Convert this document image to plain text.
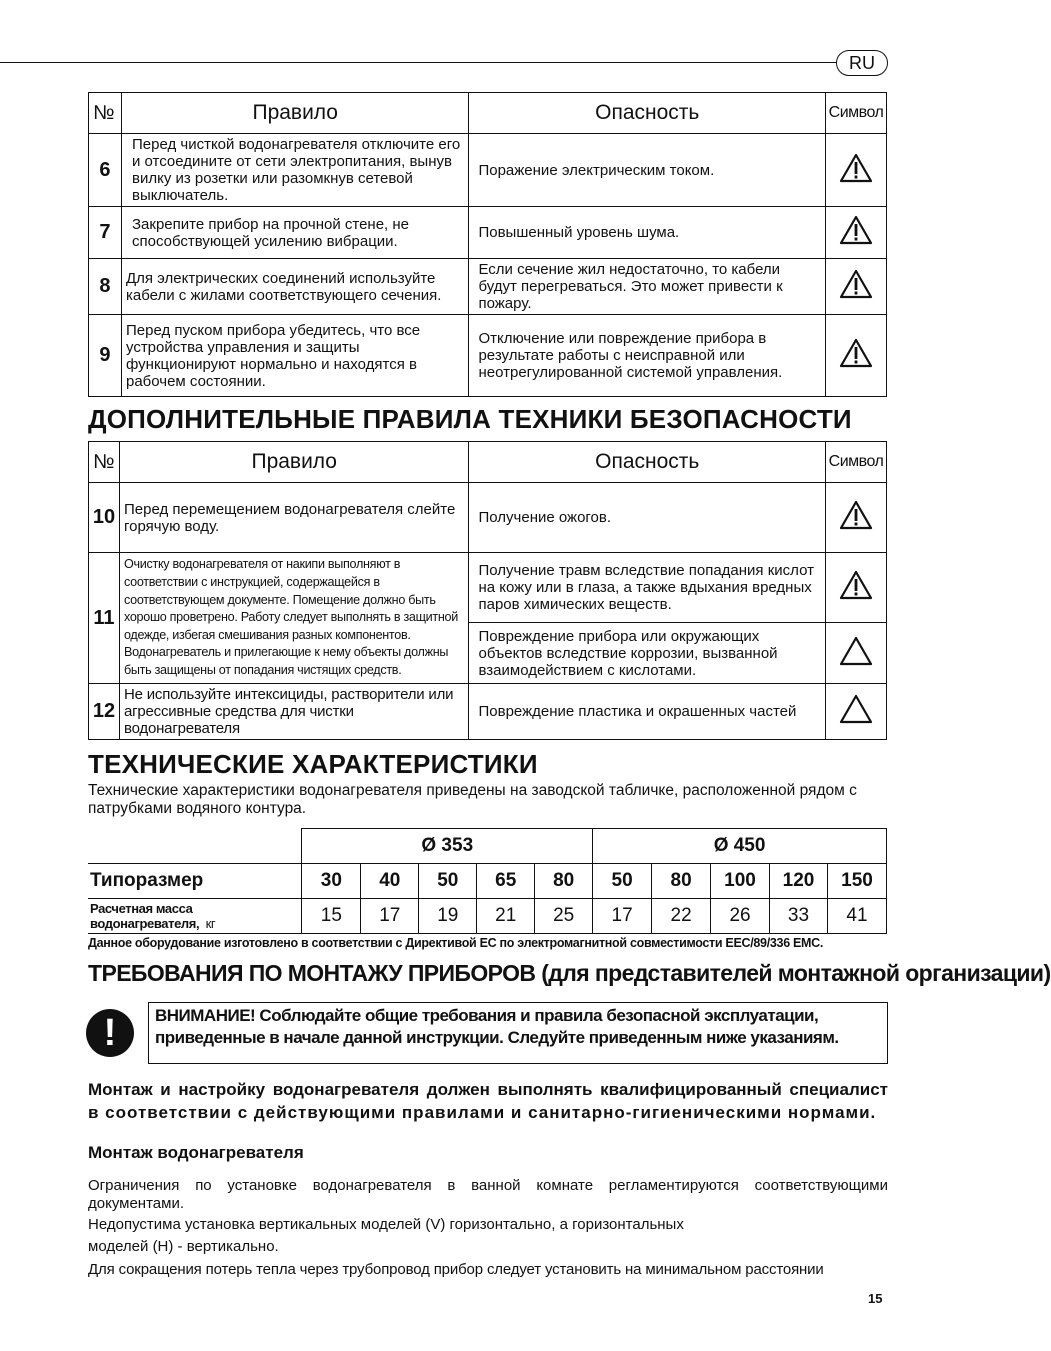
RU
№	Правило	Опасность	Символ
6	Перед чисткой водонагревателя отключите его и отсоедините от сети электропитания, вынув вилку из розетки или разомкнув сетевой выключатель.	Поражение электрическим током.	
7	Закрепите прибор на прочной стене, не способствующей усилению вибрации.	Повышенный уровень шума.	
8	Для электрических соединений используйте кабели с жилами соответствующего сечения.	Если сечение жил недостаточно, то кабели будут перегреваться. Это может привести к пожару.	
9	Перед пуском прибора убедитесь, что все устройства управления и защиты функционируют нормально и находятся в рабочем состоянии.	Отключение или повреждение прибора в результате работы с неисправной или неотрегулированной системой управления.	
ДОПОЛНИТЕЛЬНЫЕ ПРАВИЛА ТЕХНИКИ БЕЗОПАСНОСТИ
№	Правило	Опасность	Символ
10	Перед перемещением водонагревателя слейте горячую воду.	Получение ожогов.	
11	Очистку водонагревателя от накипи выполняют в соответствии с инструкцией, содержащейся в соответствующем документе. Помещение должно быть хорошо проветрено. Работу следует выполнять в защитной одежде, избегая смешивания разных компонентов. Водонагреватель и прилегающие к нему объекты должны быть защищены от попадания чистящих средств.	Получение травм вследствие попадания кислот на кожу или в глаза, а также вдыхания вредных паров химических веществ.	
		Повреждение прибора или окружающих объектов вследствие коррозии, вызванной взаимодействием с кислотами.	
12	Не используйте интексициды, растворители или агрессивные средства для чистки водонагревателя	Повреждение пластика и окрашенных частей	
ТЕХНИЧЕСКИЕ ХАРАКТЕРИСТИКИ

Технические характеристики водонагревателя приведены на заводской табличке, расположенной рядом с патрубками водяного контура.

	Ø 353					Ø 450				
Типоразмер	30	40	50	65	80	50	80	100	120	150
Расчетная масса водонагревателя, кг	15	17	19	21	25	17	22	26	33	41
Данное оборудование изготовлено в соответствии с Директивой ЕС по электромагнитной совместимости EEC/89/336 EMC.
ТРЕБОВАНИЯ ПО МОНТАЖУ ПРИБОРОВ (для представителей монтажной организации)
!	ВНИМАНИЕ! Соблюдайте общие требования и правила безопасной эксплуатации,
приведенные в начале данной инструкции. Следуйте приведенным ниже указаниям.
Монтаж и настройку водонагревателя должен выполнять квалифицированный специалист
в соответствии с действующими правилами и санитарно-гигиеническими нормами.
Монтаж водонагревателя
Ограничения по установке водонагревателя в ванной комнате регламентируются соответствующими документами.
Недопустима установка вертикальных моделей (V) горизонтально, а горизонтальных
моделей (H) - вертикально.
Для сокращения потерь тепла через трубопровод прибор следует установить на минимальном расстоянии
15
